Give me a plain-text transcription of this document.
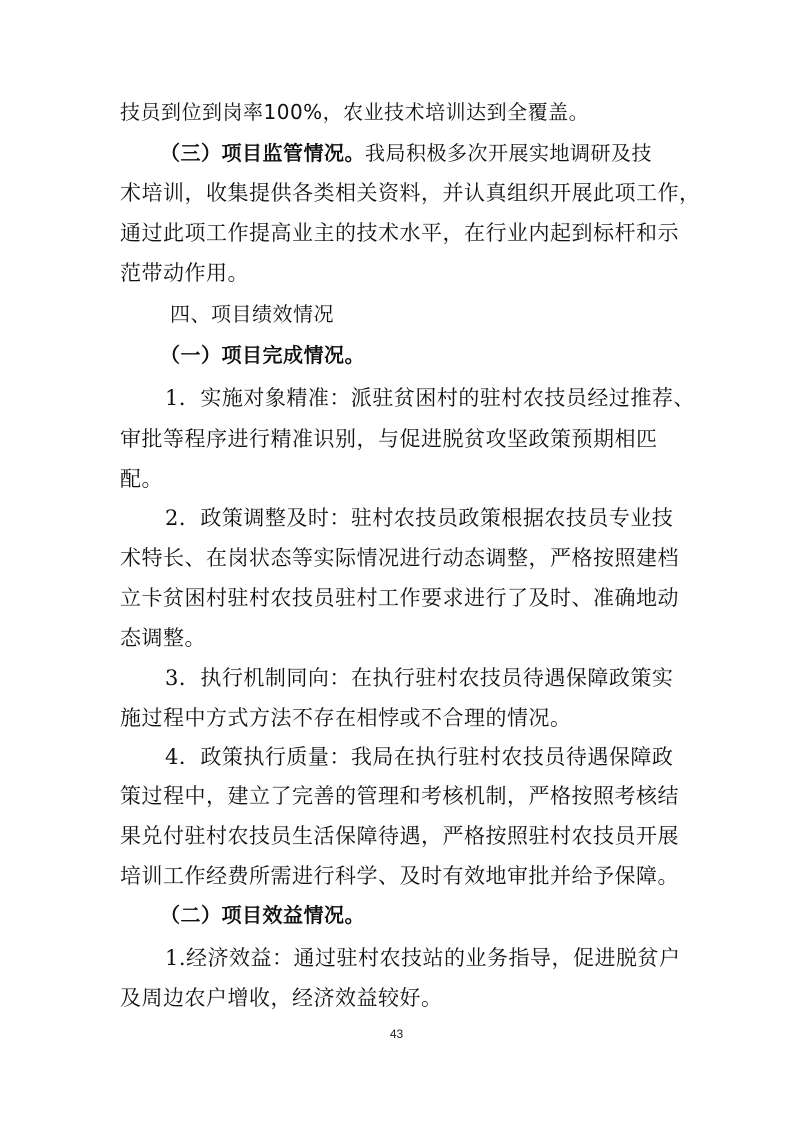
技员到位到岗率100%，农业技术培训达到全覆盖。
（三）项目监管情况。我局积极多次开展实地调研及技
术培训，收集提供各类相关资料，并认真组织开展此项工作，
通过此项工作提高业主的技术水平，在行业内起到标杆和示
范带动作用。
四、项目绩效情况
（一）项目完成情况。
1．实施对象精准：派驻贫困村的驻村农技员经过推荐、
审批等程序进行精准识别，与促进脱贫攻坚政策预期相匹
配。
2．政策调整及时：驻村农技员政策根据农技员专业技
术特长、在岗状态等实际情况进行动态调整，严格按照建档
立卡贫困村驻村农技员驻村工作要求进行了及时、准确地动
态调整。
3．执行机制同向：在执行驻村农技员待遇保障政策实
施过程中方式方法不存在相悖或不合理的情况。
4．政策执行质量：我局在执行驻村农技员待遇保障政
策过程中，建立了完善的管理和考核机制，严格按照考核结
果兑付驻村农技员生活保障待遇，严格按照驻村农技员开展
培训工作经费所需进行科学、及时有效地审批并给予保障。
（二）项目效益情况。
1.经济效益：通过驻村农技站的业务指导，促进脱贫户
及周边农户增收，经济效益较好。
43
